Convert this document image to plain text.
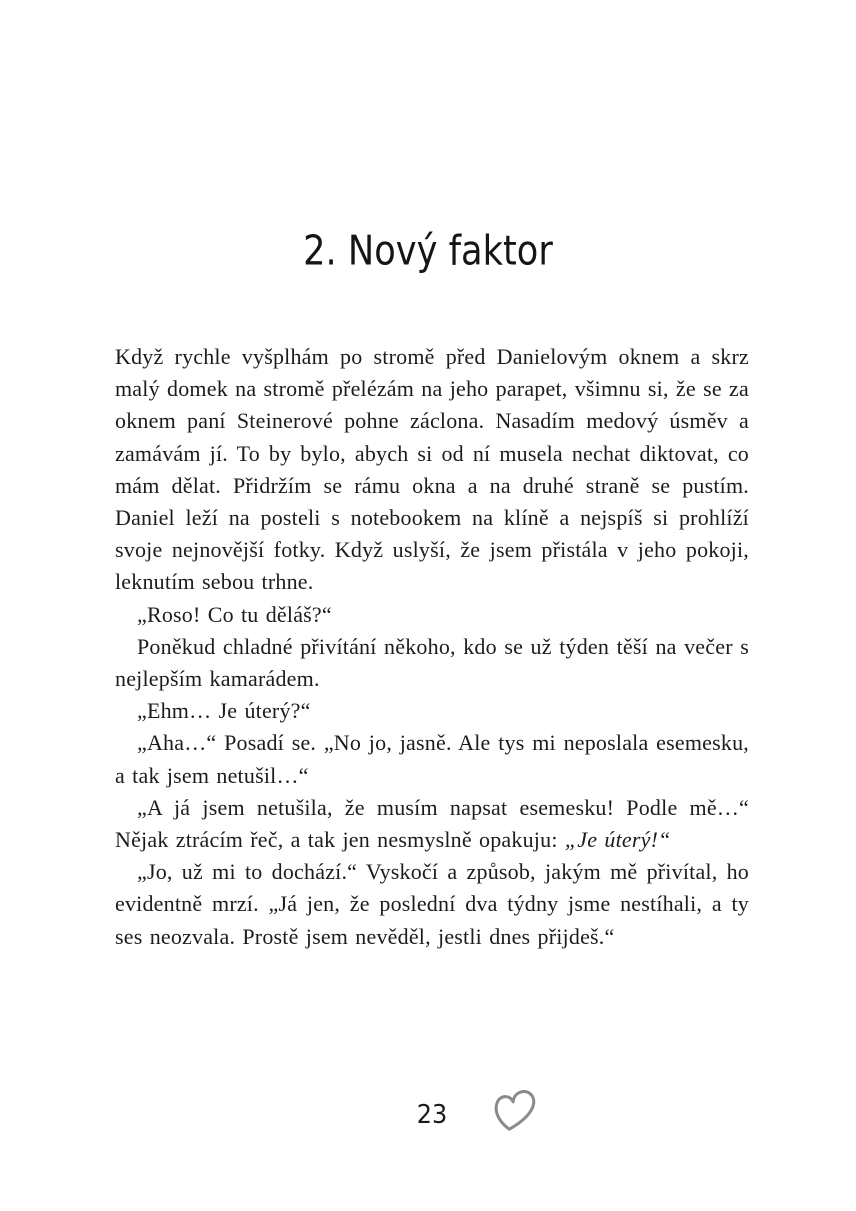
2. Nový faktor

Když rychle vyšplhám po stromě před Danielovým oknem a skrz malý domek na stromě přelézám na jeho parapet, všimnu si, že se za oknem paní Steinerové pohne záclona. Nasadím medový úsměv a zamávám jí. To by bylo, abych si od ní musela nechat diktovat, co mám dělat. Přidržím se rámu okna a na druhé straně se pustím. Daniel leží na posteli s notebookem na klíně a nejspíš si prohlíží svoje nejnovější fotky. Když uslyší, že jsem přistála v jeho pokoji, leknutím sebou trhne.

„Roso! Co tu děláš?“

Poněkud chladné přivítání někoho, kdo se už týden těší na večer s nejlepším kamarádem.

„Ehm… Je úterý?“

„Aha…“ Posadí se. „No jo, jasně. Ale tys mi neposlala esemesku, a tak jsem netušil…“

„A já jsem netušila, že musím napsat esemesku! Podle mě…“ Nějak ztrácím řeč, a tak jen nesmyslně opakuju: „Je úterý!“

„Jo, už mi to dochází.“ Vyskočí a způsob, jakým mě přivítal, ho evidentně mrzí. „Já jen, že poslední dva týdny jsme nestíhali, a ty ses neozvala. Prostě jsem nevěděl, jestli dnes přijdeš.“

23
